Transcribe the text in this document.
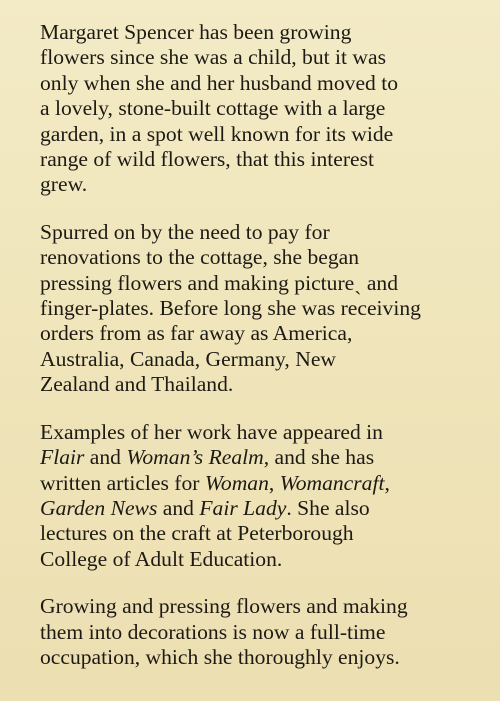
Margaret Spencer has been growing
flowers since she was a child, but it was
only when she and her husband moved to
a lovely, stone-built cottage with a large
garden, in a spot well known for its wide
range of wild flowers, that this interest
grew.

Spurred on by the need to pay for
renovations to the cottage, she began
pressing flowers and making pictureˏ and
finger-plates. Before long she was receiving
orders from as far away as America,
Australia, Canada, Germany, New
Zealand and Thailand.

Examples of her work have appeared in
Flair and Woman’s Realm, and she has
written articles for Woman, Womancraft,
Garden News and Fair Lady. She also
lectures on the craft at Peterborough
College of Adult Education.

Growing and pressing flowers and making
them into decorations is now a full-time
occupation, which she thoroughly enjoys.
